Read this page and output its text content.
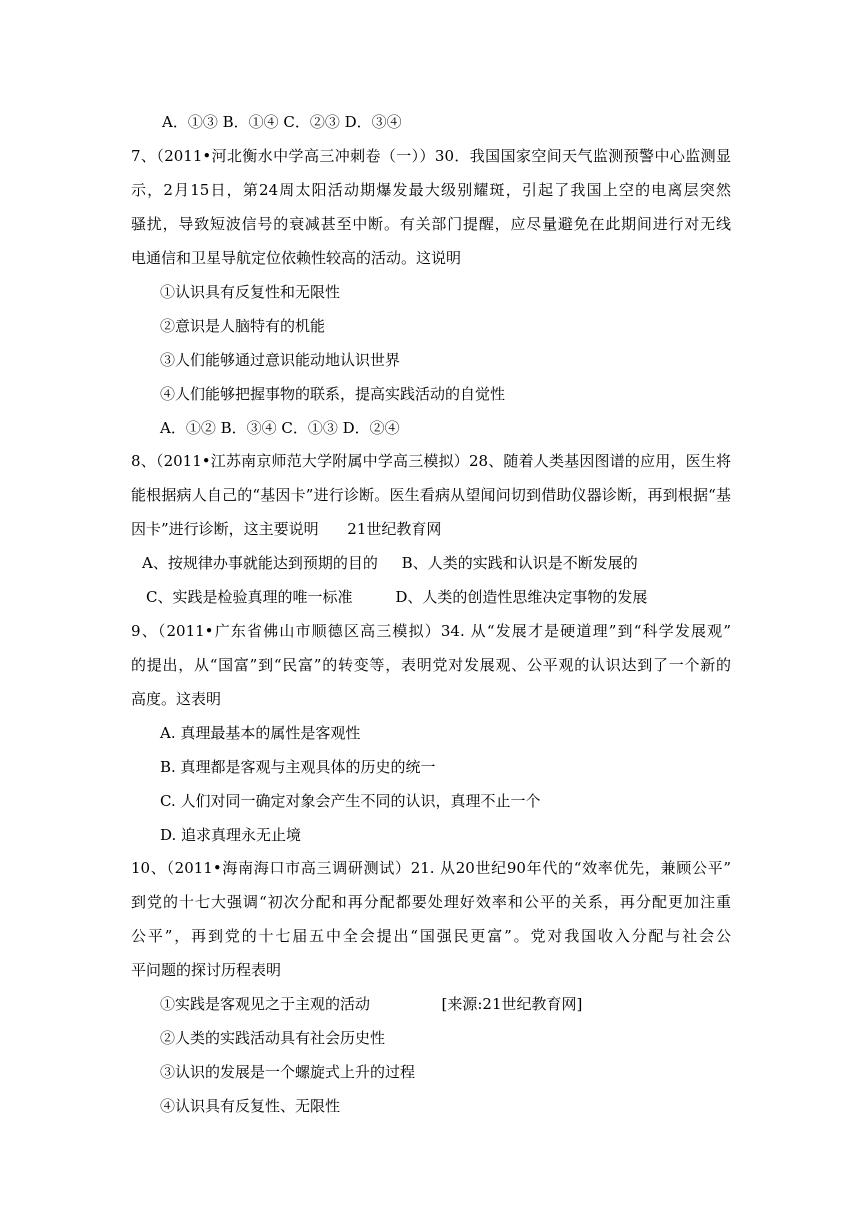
A．①③ B．①④ C．②③ D．③④
7、（2011•河北衡水中学高三冲刺卷（一））30．我国国家空间天气监测预警中心监测显
示，2月15日，第24周太阳活动期爆发最大级别耀斑，引起了我国上空的电离层突然
骚扰，导致短波信号的衰减甚至中断。有关部门提醒，应尽量避免在此期间进行对无线
电通信和卫星导航定位依赖性较高的活动。这说明
①认识具有反复性和无限性
②意识是人脑特有的机能
③人们能够通过意识能动地认识世界
④人们能够把握事物的联系，提高实践活动的自觉性
A．①② B．③④ C．①③ D．②④
8、（2011•江苏南京师范大学附属中学高三模拟）28、随着人类基因图谱的应用，医生将
能根据病人自己的“基因卡”进行诊断。医生看病从望闻问切到借助仪器诊断，再到根据“基
因卡”进行诊断，这主要说明      21世纪教育网
A、按规律办事就能达到预期的目的     B、人类的实践和认识是不断发展的
C、实践是检验真理的唯一标准         D、人类的创造性思维决定事物的发展
9、（2011•广东省佛山市顺德区高三模拟）34. 从“发展才是硬道理”到“科学发展观”
的提出，从“国富”到“民富”的转变等，表明党对发展观、公平观的认识达到了一个新的
高度。这表明
A. 真理最基本的属性是客观性
B. 真理都是客观与主观具体的历史的统一
C. 人们对同一确定对象会产生不同的认识，真理不止一个
D. 追求真理永无止境
10、（2011•海南海口市高三调研测试）21. 从20世纪90年代的“效率优先，兼顾公平”
到党的十七大强调“初次分配和再分配都要处理好效率和公平的关系，再分配更加注重
公平”，再到党的十七届五中全会提出“国强民更富”。党对我国收入分配与社会公
平问题的探讨历程表明
①实践是客观见之于主观的活动               [来源:21世纪教育网]
②人类的实践活动具有社会历史性
③认识的发展是一个螺旋式上升的过程
④认识具有反复性、无限性
